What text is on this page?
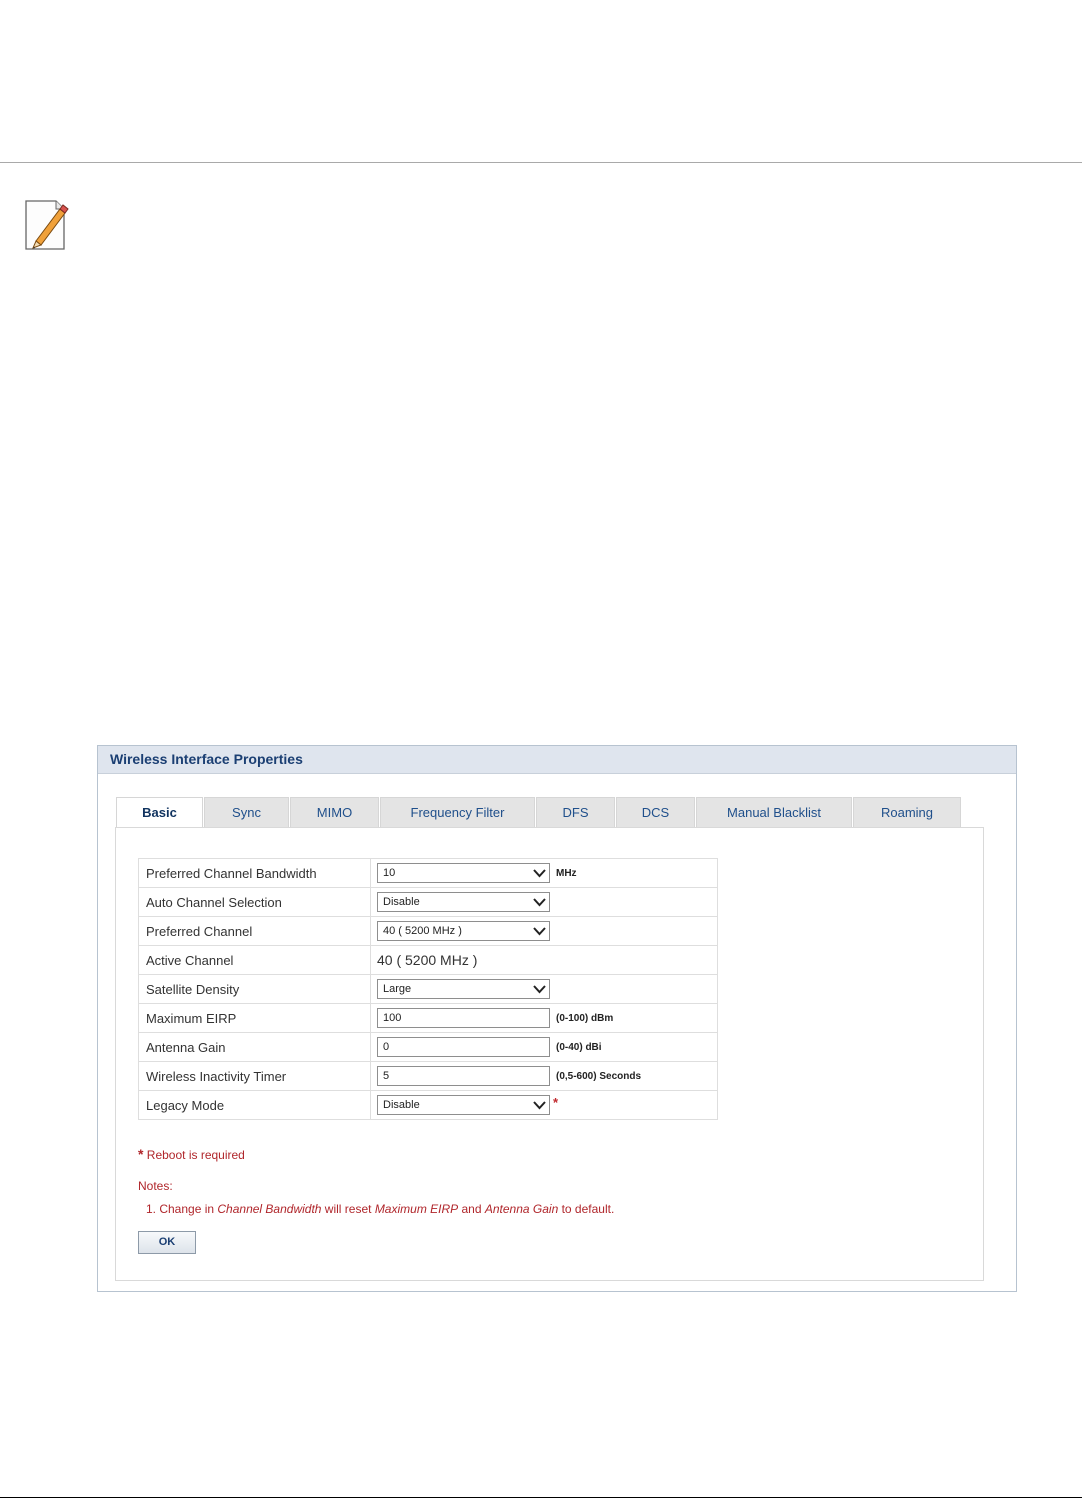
Wireless Interface Properties
Basic	Sync	MIMO	Frequency Filter	DFS	DCS	Manual Blacklist	Roaming
Preferred Channel Bandwidth	10 MHz
Auto Channel Selection	Disable

Preferred Channel	40 ( 5200 MHz )

Active Channel	40 ( 5200 MHz )
Satellite Density	Large

Maximum EIRP	100 (0-100) dBm
Antenna Gain	0 (0-40) dBi
Wireless Inactivity Timer	5 (0,5-600) Seconds
Legacy Mode	Disable *
* Reboot is required
Notes:
1. Change in Channel Bandwidth will reset Maximum EIRP and Antenna Gain to default.
OK
